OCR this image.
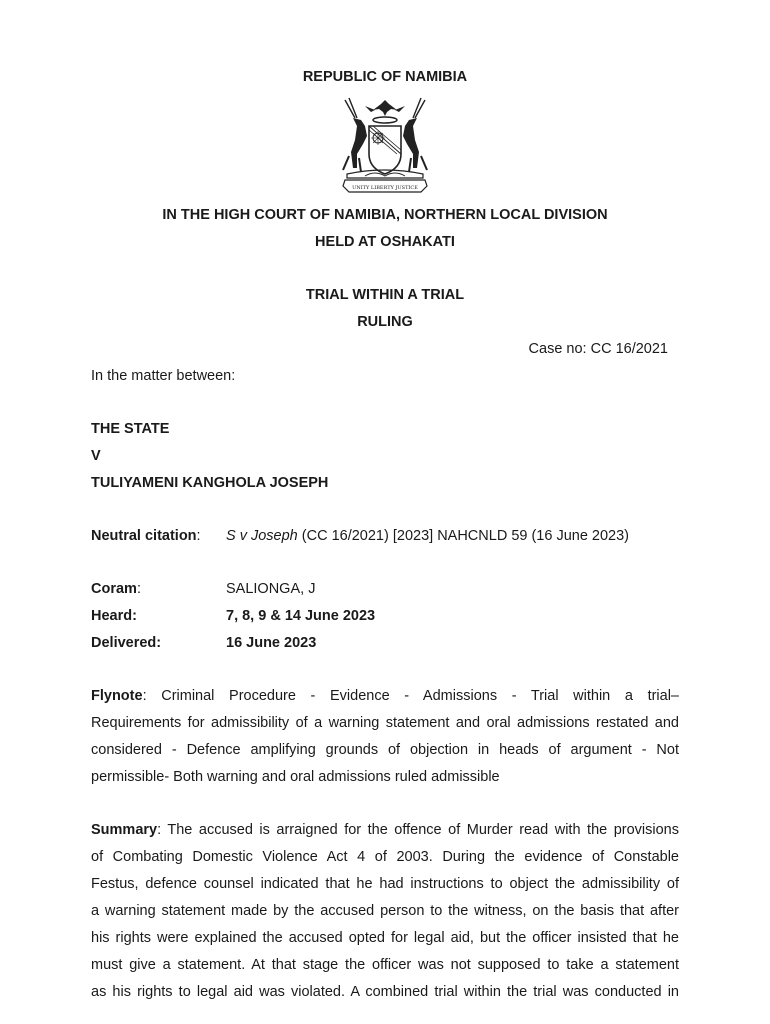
REPUBLIC OF NAMIBIA
UNITY LIBERTY JUSTICE
IN THE HIGH COURT OF NAMIBIA, NORTHERN LOCAL DIVISION
HELD AT OSHAKATI
TRIAL WITHIN A TRIAL
RULING
Case no: CC 16/2021
In the matter between:
THE STATE
V
TULIYAMENI KANGHOLA JOSEPH
Neutral citation: S v Joseph (CC 16/2021) [2023] NAHCNLD 59 (16 June 2023)
Coram:	SALIONGA, J
Heard:	7, 8, 9 & 14 June 2023
Delivered:	16 June 2023
Flynote: Criminal Procedure - Evidence - Admissions - Trial within a trial–
Requirements for admissibility of a warning statement and oral admissions restated and
considered - Defence amplifying grounds of objection in heads of argument - Not
permissible- Both warning and oral admissions ruled admissible
Summary: The accused is arraigned for the offence of Murder read with the provisions
of Combating Domestic Violence Act 4 of 2003. During the evidence of Constable
Festus, defence counsel indicated that he had instructions to object the admissibility of
a warning statement made by the accused person to the witness, on the basis that after
his rights were explained the accused opted for legal aid, but the officer insisted that he
must give a statement. At that stage the officer was not supposed to take a statement
as his rights to legal aid was violated. A combined trial within the trial was conducted in
